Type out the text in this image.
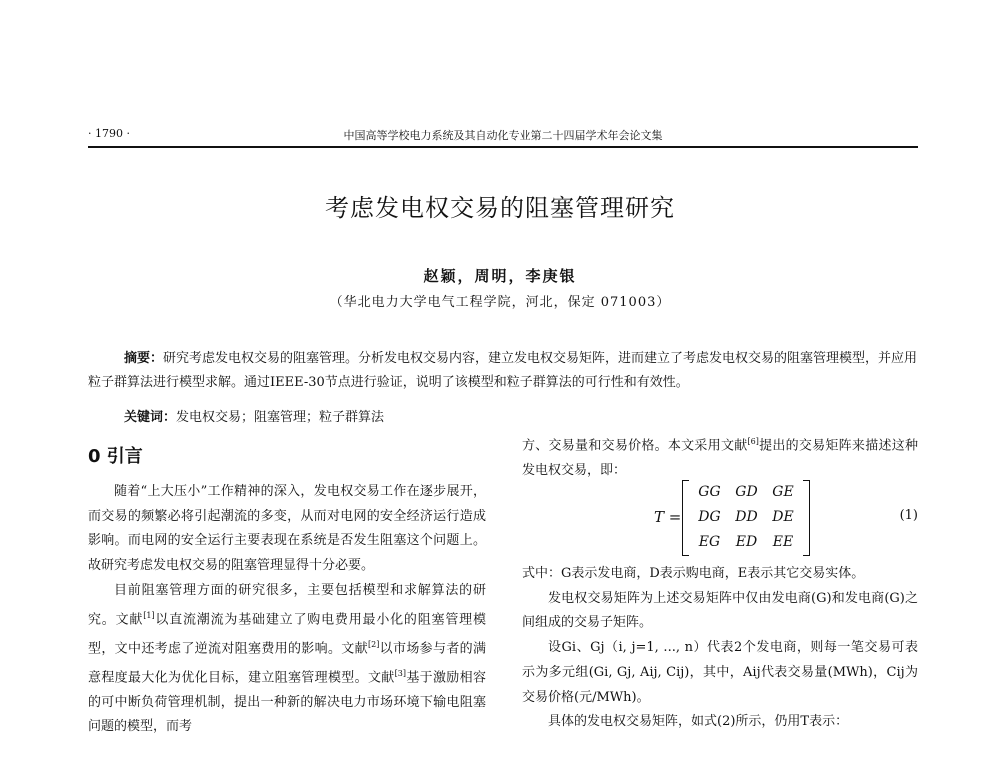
· 1790 ·	中国高等学校电力系统及其自动化专业第二十四届学术年会论文集
考虑发电权交易的阻塞管理研究
赵颖，周明，李庚银
（华北电力大学电气工程学院，河北，保定 071003）

摘要：研究考虑发电权交易的阻塞管理。分析发电权交易内容，建立发电权交易矩阵，进而建立了考虑发电权交易的阻塞管理模型，并应用粒子群算法进行模型求解。通过IEEE-30节点进行验证，说明了该模型和粒子群算法的可行性和有效性。

关键词：发电权交易；阻塞管理；粒子群算法

0 引言

随着“上大压小”工作精神的深入，发电权交易工作在逐步展开，而交易的频繁必将引起潮流的多变，从而对电网的安全经济运行造成影响。而电网的安全运行主要表现在系统是否发生阻塞这个问题上。故研究考虑发电权交易的阻塞管理显得十分必要。

目前阻塞管理方面的研究很多，主要包括模型和求解算法的研究。文献[1]以直流潮流为基础建立了购电费用最小化的阻塞管理模型，文中还考虑了逆流对阻塞费用的影响。文献[2]以市场参与者的满意程度最大化为优化目标，建立阻塞管理模型。文献[3]基于激励相容的可中断负荷管理机制，提出一种新的解决电力市场环境下输电阻塞问题的模型，而考

方、交易量和交易价格。本文采用文献[6]提出的交易矩阵来描述这种发电权交易，即：

T =
GG GD GE
DG DD DE
EG ED EE
(1)

式中：G表示发电商，D表示购电商，E表示其它交易实体。

发电权交易矩阵为上述交易矩阵中仅由发电商(G)和发电商(G)之间组成的交易子矩阵。

设Gi、Gj（i, j=1, ..., n）代表2个发电商，则每一笔交易可表示为多元组(Gi, Gj, Aij, Cij)，其中，Aij代表交易量(MWh)，Cij为交易价格(元/MWh)。

具体的发电权交易矩阵，如式(2)所示，仍用T表示：
